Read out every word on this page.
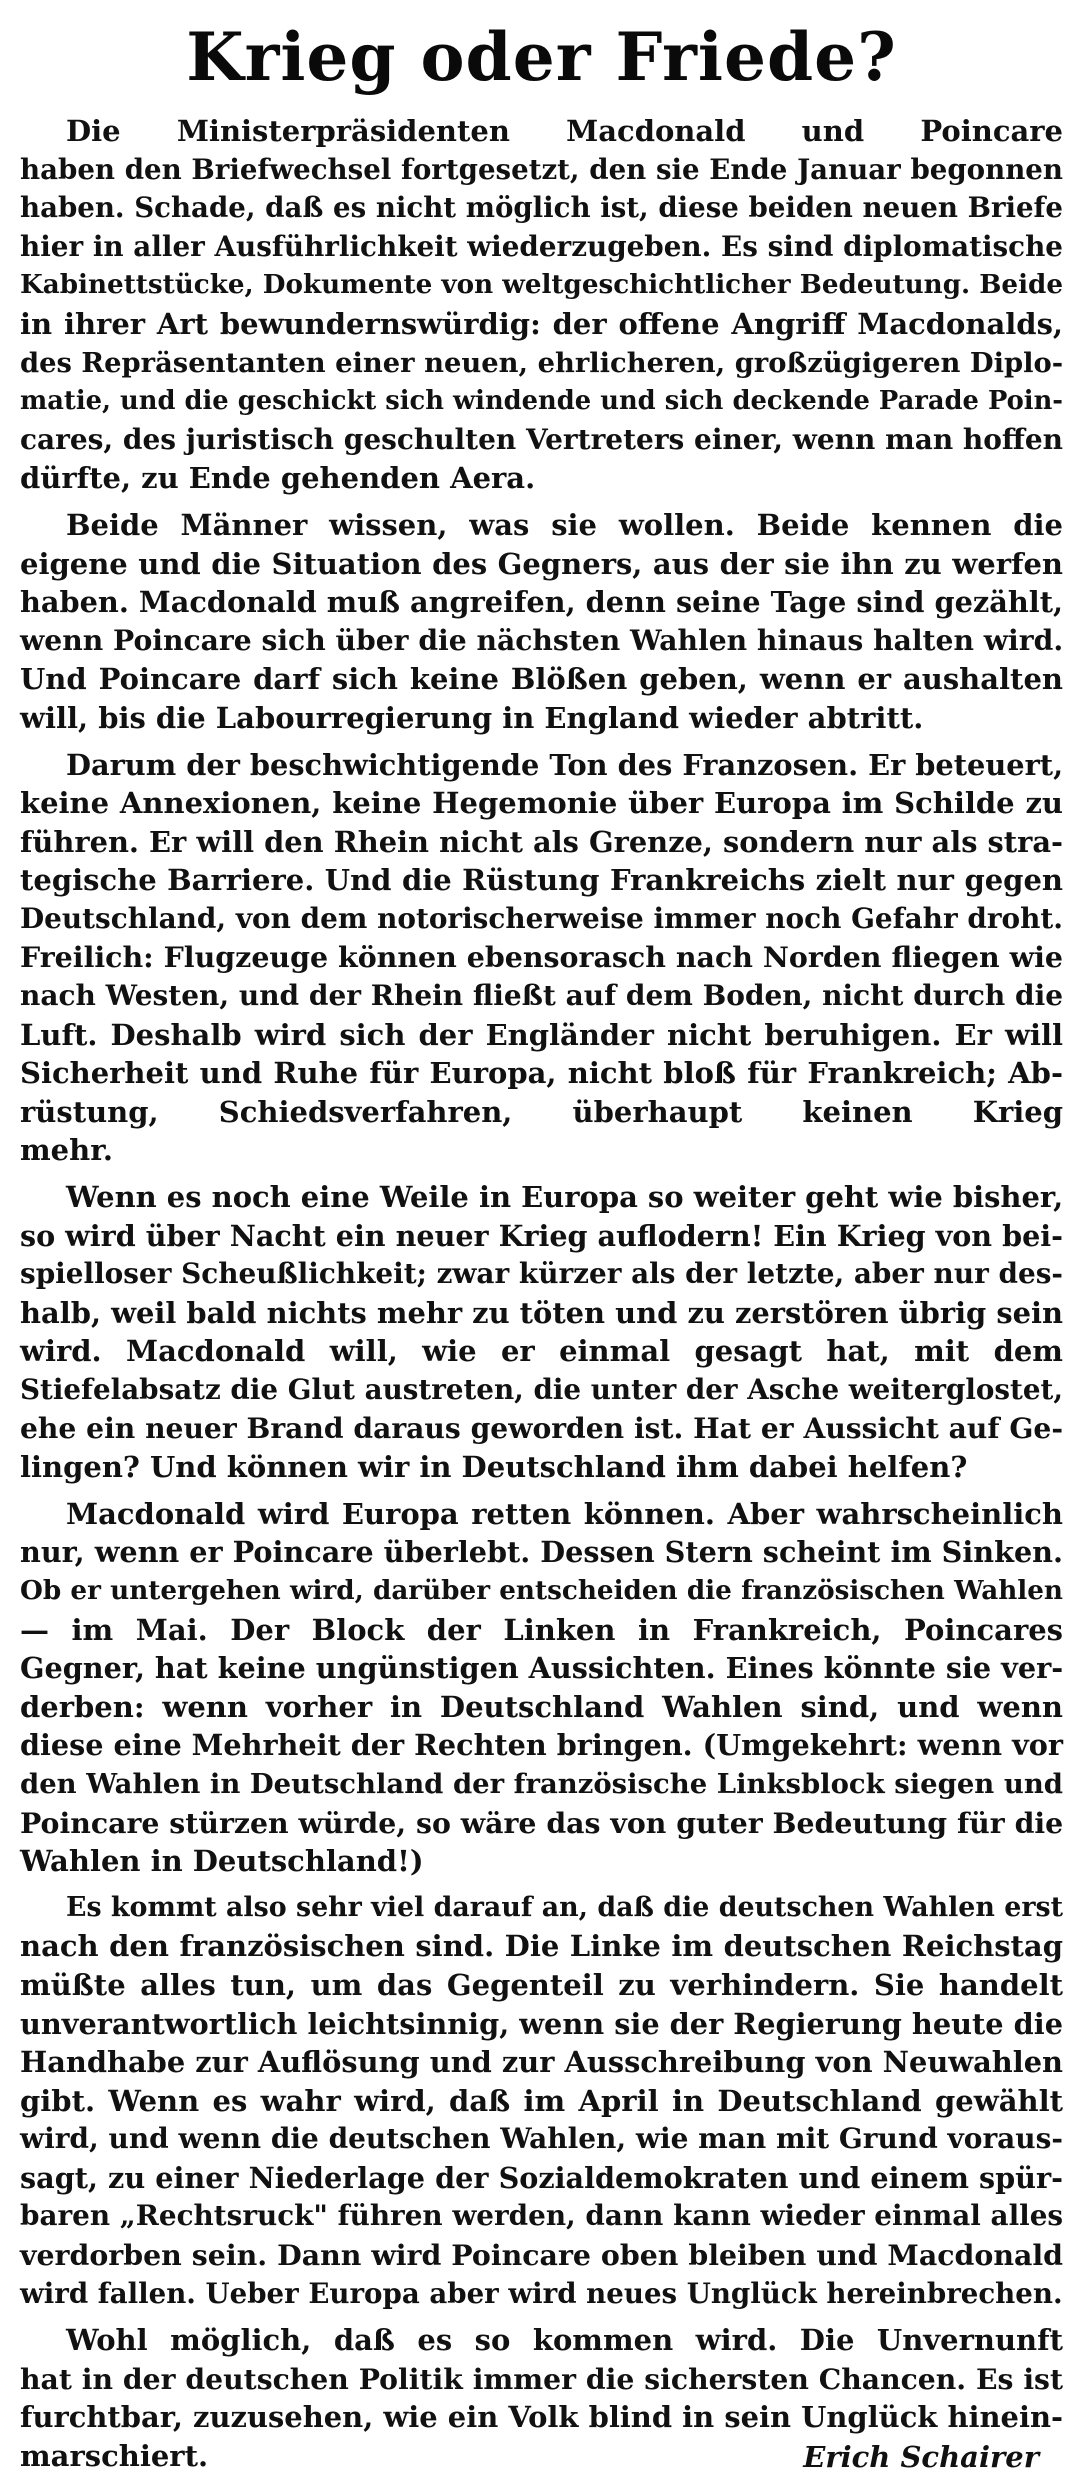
Krieg oder Friede?

Die Ministerpräsidenten Macdonald und Poincare
haben den Briefwechsel fortgesetzt, den sie Ende Januar begonnen
haben. Schade, daß es nicht möglich ist, diese beiden neuen Briefe
hier in aller Ausführlichkeit wiederzugeben. Es sind diplomatische
Kabinettstücke, Dokumente von weltgeschichtlicher Bedeutung. Beide
in ihrer Art bewundernswürdig: der offene Angriff Macdonalds,
des Repräsentanten einer neuen, ehrlicheren, großzügigeren Diplo-
matie, und die geschickt sich windende und sich deckende Parade Poin-
cares, des juristisch geschulten Vertreters einer, wenn man hoffen
dürfte, zu Ende gehenden Aera.

Beide Männer wissen, was sie wollen. Beide kennen die
eigene und die Situation des Gegners, aus der sie ihn zu werfen
haben. Macdonald muß angreifen, denn seine Tage sind gezählt,
wenn Poincare sich über die nächsten Wahlen hinaus halten wird.
Und Poincare darf sich keine Blößen geben, wenn er aushalten
will, bis die Labourregierung in England wieder abtritt.

Darum der beschwichtigende Ton des Franzosen. Er beteuert,
keine Annexionen, keine Hegemonie über Europa im Schilde zu
führen. Er will den Rhein nicht als Grenze, sondern nur als stra-
tegische Barriere. Und die Rüstung Frankreichs zielt nur gegen
Deutschland, von dem notorischerweise immer noch Gefahr droht.
Freilich: Flugzeuge können ebensorasch nach Norden fliegen wie
nach Westen, und der Rhein fließt auf dem Boden, nicht durch die
Luft. Deshalb wird sich der Engländer nicht beruhigen. Er will
Sicherheit und Ruhe für Europa, nicht bloß für Frankreich; Ab-
rüstung, Schiedsverfahren, überhaupt keinen Krieg
mehr.

Wenn es noch eine Weile in Europa so weiter geht wie bisher,
so wird über Nacht ein neuer Krieg auflodern! Ein Krieg von bei-
spielloser Scheußlichkeit; zwar kürzer als der letzte, aber nur des-
halb, weil bald nichts mehr zu töten und zu zerstören übrig sein
wird. Macdonald will, wie er einmal gesagt hat, mit dem
Stiefelabsatz die Glut austreten, die unter der Asche weiterglostet,
ehe ein neuer Brand daraus geworden ist. Hat er Aussicht auf Ge-
lingen? Und können wir in Deutschland ihm dabei helfen?

Macdonald wird Europa retten können. Aber wahrscheinlich
nur, wenn er Poincare überlebt. Dessen Stern scheint im Sinken.
Ob er untergehen wird, darüber entscheiden die französischen Wahlen
— im Mai. Der Block der Linken in Frankreich, Poincares
Gegner, hat keine ungünstigen Aussichten. Eines könnte sie ver-
derben: wenn vorher in Deutschland Wahlen sind, und wenn
diese eine Mehrheit der Rechten bringen. (Umgekehrt: wenn vor
den Wahlen in Deutschland der französische Linksblock siegen und
Poincare stürzen würde, so wäre das von guter Bedeutung für die
Wahlen in Deutschland!)

Es kommt also sehr viel darauf an, daß die deutschen Wahlen erst
nach den französischen sind. Die Linke im deutschen Reichstag
müßte alles tun, um das Gegenteil zu verhindern. Sie handelt
unverantwortlich leichtsinnig, wenn sie der Regierung heute die
Handhabe zur Auflösung und zur Ausschreibung von Neuwahlen
gibt. Wenn es wahr wird, daß im April in Deutschland gewählt
wird, und wenn die deutschen Wahlen, wie man mit Grund voraus-
sagt, zu einer Niederlage der Sozialdemokraten und einem spür-
baren „Rechtsruck" führen werden, dann kann wieder einmal alles
verdorben sein. Dann wird Poincare oben bleiben und Macdonald
wird fallen. Ueber Europa aber wird neues Unglück hereinbrechen.

Wohl möglich, daß es so kommen wird. Die Unvernunft
hat in der deutschen Politik immer die sichersten Chancen. Es ist
furchtbar, zuzusehen, wie ein Volk blind in sein Unglück hinein-
marschiert.	Erich Schairer
